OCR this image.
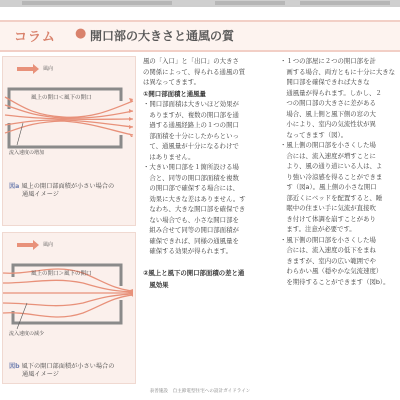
コラム ● 開口部の大きさと通風の質
風向
風上の開口＜風下の開口
流入速度の増加
図a 風上の開口部面積が小さい場合の
通風イメージ
風向
風上の開口＞風下の開口
流入速度の減少
図b 風下の開口部面積が小さい場合の
通風イメージ

風の「入口」と「出口」の大きさ

の関係によって、得られる通風の質

は異なってきます。

①開口部面積と通風量

・開口部面積は大きいほど効果が

　ありますが、複数の開口部を通

　過する通風経路上の１つの開口

　部面積を十分にしたからといっ

　て、通風量が十分になるわけで

　はありません。

・大きい開口部を１箇所設ける場

　合と、同等の開口部面積を複数

　の開口部で確保する場合には、

　効果に大きな差はありません。す

　なわち、大きな開口部を確保でき

　ない場合でも、小さな開口部を

　組み合せて同等の開口部面積が

　確保できれば、同様の通風量を

　確保する効果が得られます。

②風上と風下の開口部面積の差と通

　風効果

・１つの部屋に２つの開口部を計

　画する場合、両方ともに十分に大きな

　開口部を確保できれば大きな

　通風量が得られます。しかし、２

　つの開口部の大きさに差がある

　場合、風上側と風下側の窓の大

　小により、室内の気流性状が異

　なってきます（図）。

・風上側の開口部を小さくした場

　合には、流入速度が増すことに

　より、風の通り道にいる人は、よ

　り強い冷涼感を得ることができま

　す（図a）。風上側の小さな開口

　部近くにベッドを配置すると、睡

　眠中の住まい手に気流が直接吹

　き付けて体調を崩すことがあり

　ます。注意が必要です。

・風下側の開口部を小さくした場

　合には、流入速度の低下をまね

　きますが、室内の広い範囲でや

　わらかい風（穏やかな気流速度）

　を期待することができます（図b）。

表善施設　自主節電型住宅への設計ガイドライン
